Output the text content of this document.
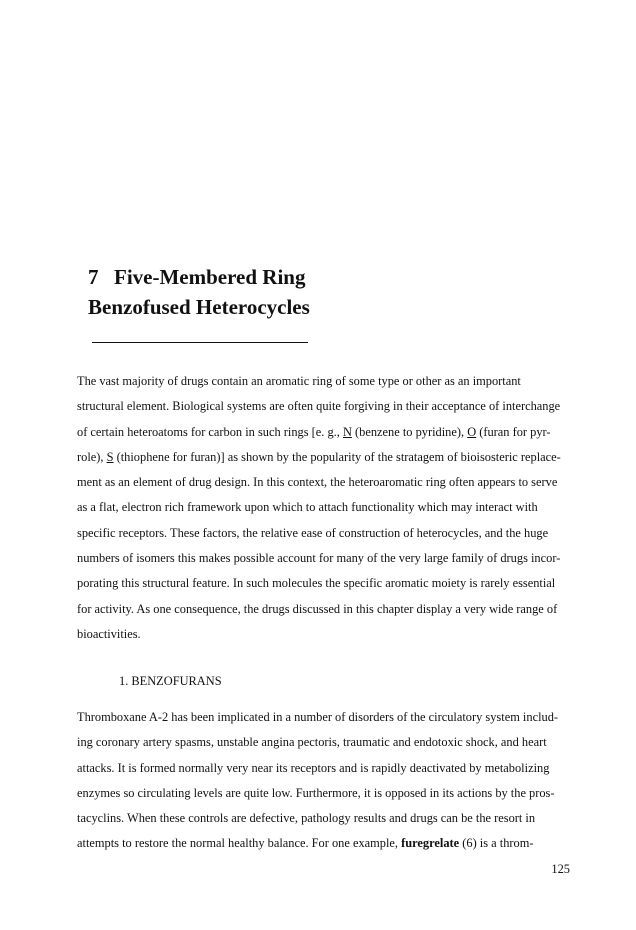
7 Five-Membered Ring
Benzofused Heterocycles
The vast majority of drugs contain an aromatic ring of some type or other as an important
structural element. Biological systems are often quite forgiving in their acceptance of interchange
of certain heteroatoms for carbon in such rings [e. g., N (benzene to pyridine), O (furan for pyr-
role), S (thiophene for furan)] as shown by the popularity of the stratagem of bioisosteric replace-
ment as an element of drug design. In this context, the heteroaromatic ring often appears to serve
as a flat, electron rich framework upon which to attach functionality which may interact with
specific receptors. These factors, the relative ease of construction of heterocycles, and the huge
numbers of isomers this makes possible account for many of the very large family of drugs incor-
porating this structural feature. In such molecules the specific aromatic moiety is rarely essential
for activity. As one consequence, the drugs discussed in this chapter display a very wide range of
bioactivities.
1. BENZOFURANS
Thromboxane A-2 has been implicated in a number of disorders of the circulatory system includ-
ing coronary artery spasms, unstable angina pectoris, traumatic and endotoxic shock, and heart
attacks. It is formed normally very near its receptors and is rapidly deactivated by metabolizing
enzymes so circulating levels are quite low. Furthermore, it is opposed in its actions by the pros-
tacyclins. When these controls are defective, pathology results and drugs can be the resort in
attempts to restore the normal healthy balance. For one example, furegrelate (6) is a throm-
125
